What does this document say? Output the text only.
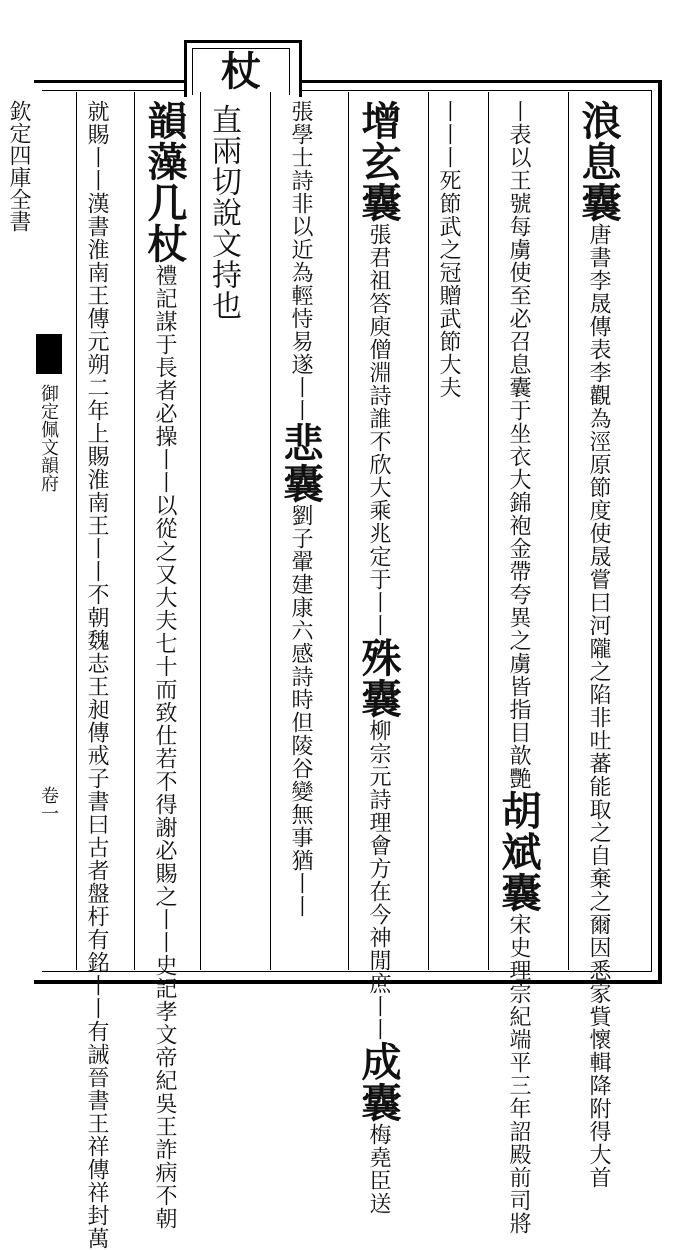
欽定四庫全書
御定佩文韻府
卷一
杖
浪息囊唐書李晟傳表李觀為涇原節度使晟嘗曰河隴之陷非吐蕃能取之自棄之爾因悉家貲懷輯降附得大首
丨表以王號每虜使至必召息囊于坐衣大錦袍金帶夸異之虜皆指目歆艷胡斌囊宋史理宗紀端平三年詔殿前司將
丨丨丨死節武之冠贈武節大夫
增玄囊張君祖答庾僧淵詩誰不欣大乘兆定于丨丨殊囊柳宗元詩理會方在今神閒庶丨丨成囊梅堯臣送
張學士詩非以近為輕恃易遂丨丨悲囊劉子翬建康六感詩時但陵谷變無事猶丨丨
直兩切說文持也
韻藻几杖禮記謀于長者必操丨丨以從之又大夫七十而致仕若不得謝必賜之丨丨史記孝文帝紀吳王詐病不朝
就賜丨丨漢書淮南王傳元朔二年上賜淮南王丨丨不朝魏志王昶傳戒子書曰古者盤杅有銘丨丨有誡晉書王祥傳祥封萬
